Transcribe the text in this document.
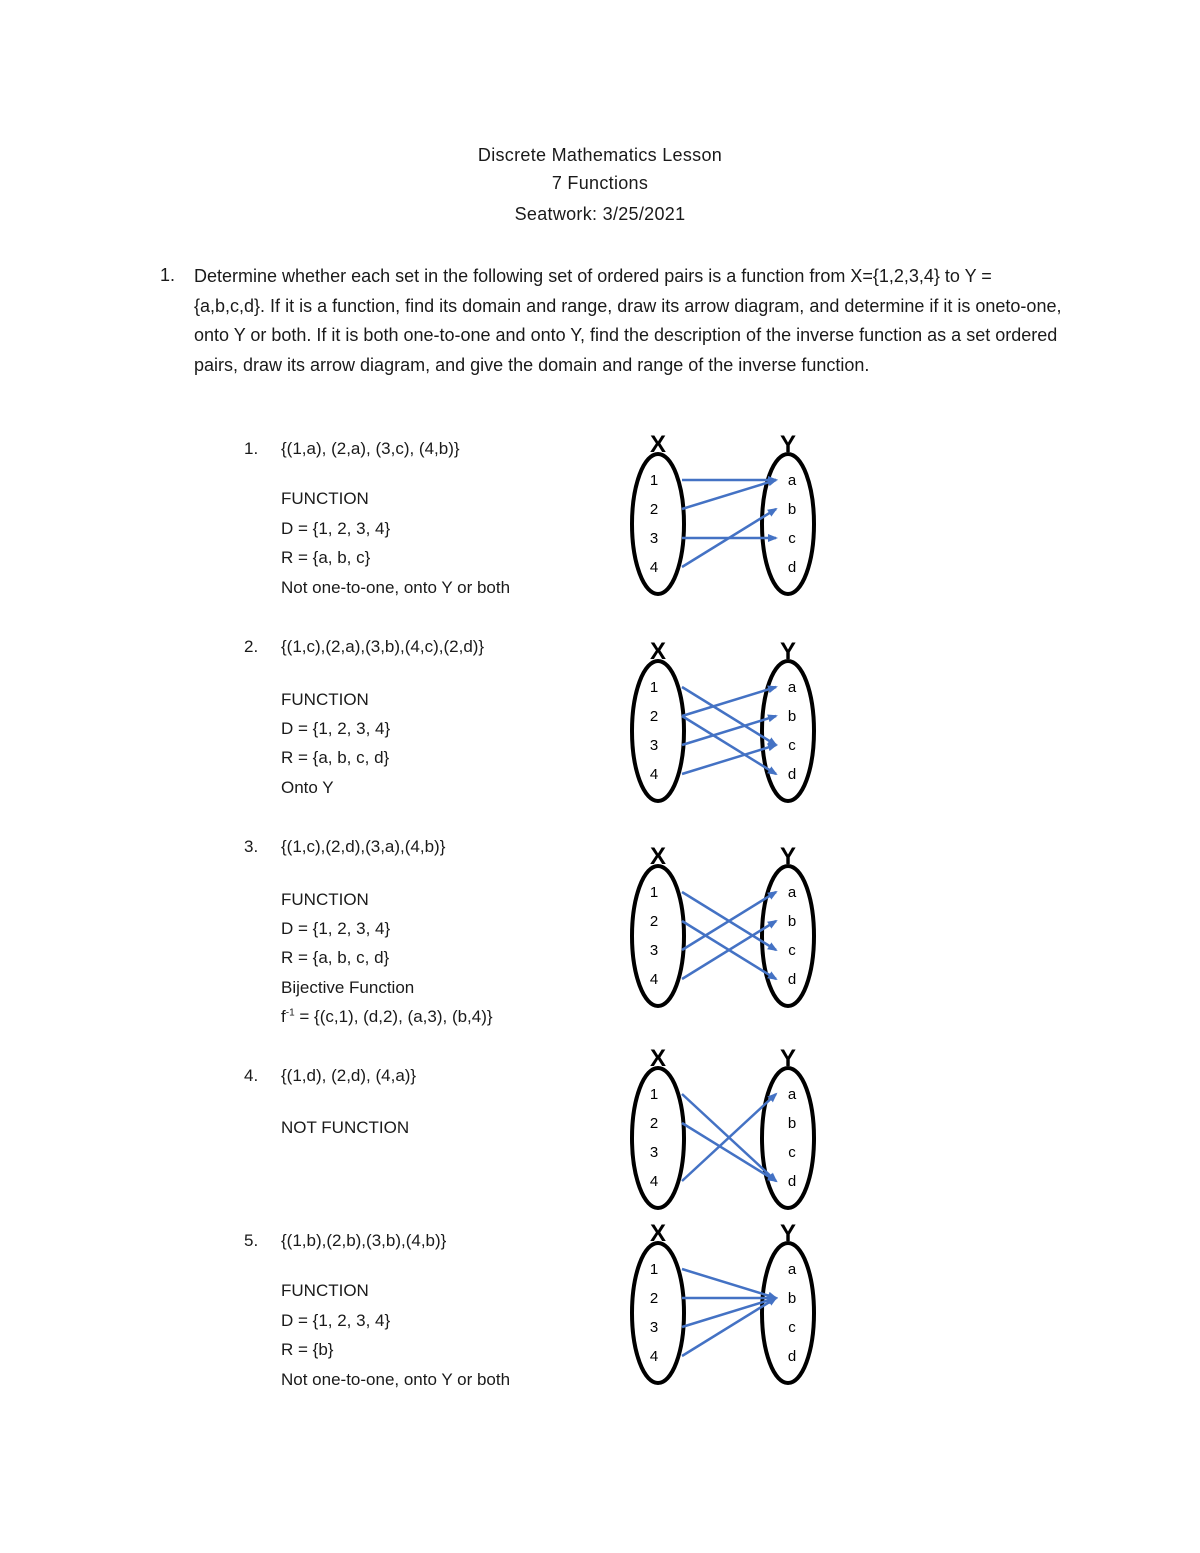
Discrete Mathematics Lesson
7 Functions
Seatwork: 3/25/2021
1. Determine whether each set in the following set of ordered pairs is a function from X={1,2,3,4} to Y = {a,b,c,d}. If it is a function, find its domain and range, draw its arrow diagram, and determine if it is oneto-one, onto Y or both. If it is both one-to-one and onto Y, find the description of the inverse function as a set ordered pairs, draw its arrow diagram, and give the domain and range of the inverse function.
1. {(1,a), (2,a), (3,c), (4,b)}
FUNCTION
D = {1, 2, 3, 4}
R = {a, b, c}
Not one-to-one, onto Y or both
X	Y
1
2
3
4
a
b
c
d
2. {(1,c),(2,a),(3,b),(4,c),(2,d)}
FUNCTION
D = {1, 2, 3, 4}
R = {a, b, c, d}
Onto Y
X	Y
1
2
3
4
a
b
c
d
3. {(1,c),(2,d),(3,a),(4,b)}
FUNCTION
D = {1, 2, 3, 4}
R = {a, b, c, d}
Bijective Function
$f^{-1} = \{(c,1)$, (d,2), (a,3), (b,4)}
X	Y
1
2
3
4
a
b
c
d
4. {(1,d), (2,d), (4,a)}
NOT FUNCTION
X	Y
1
2
3
4
a
b
c
d
5. {(1,b),(2,b),(3,b),(4,b)}
FUNCTION
D = {1, 2, 3, 4}
R = {b}
Not one-to-one, onto Y or both
X	Y
1
2
3
4
a
b
c
d
